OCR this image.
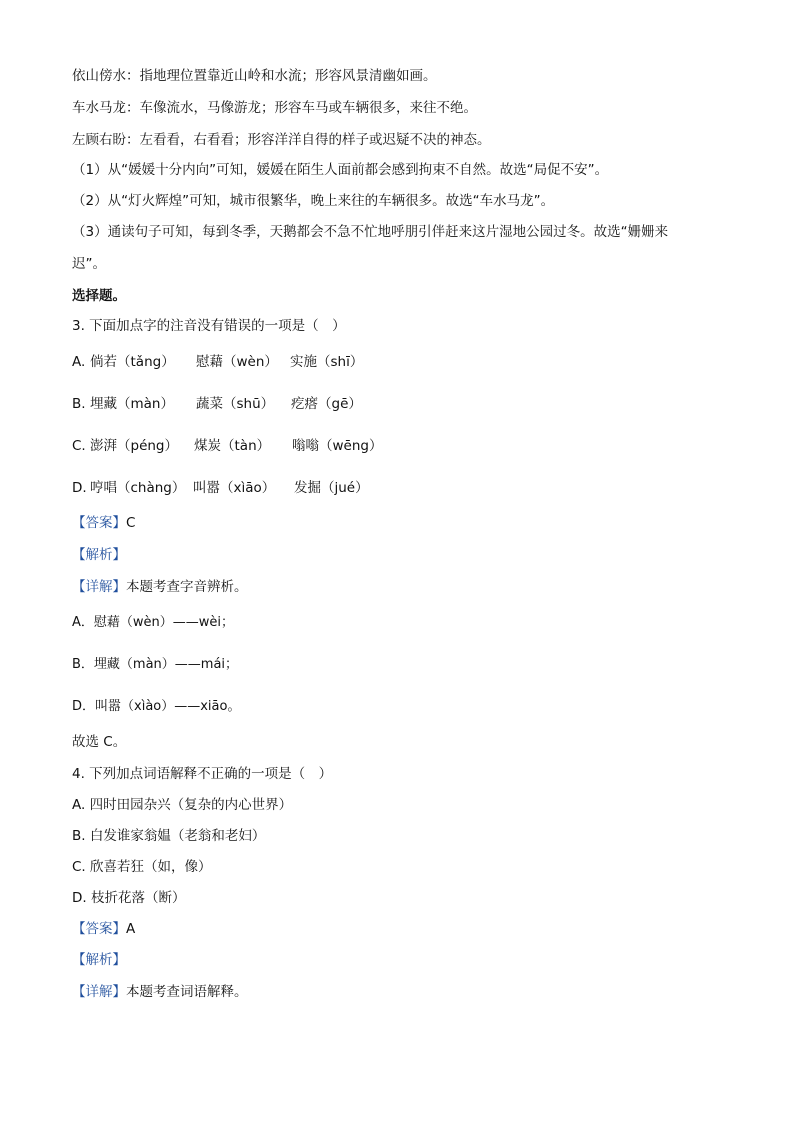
依山傍水：指地理位置靠近山岭和水流；形容风景清幽如画。
车水马龙：车像流水，马像游龙；形容车马或车辆很多，来往不绝。
左顾右盼：左看看，右看看；形容洋洋自得的样子或迟疑不决的神态。
（1）从“媛媛十分内向”可知，媛媛在陌生人面前都会感到拘束不自然。故选“局促不安”。
（2）从“灯火辉煌”可知，城市很繁华，晚上来往的车辆很多。故选“车水马龙”。
（3）通读句子可知，每到冬季，天鹅都会不急不忙地呼朋引伴赶来这片湿地公园过冬。故选“姗姗来
迟”。
选择题。
3. 下面加点字的注音没有错误的一项是（　）
A. 倘若（tǎng） 慰藉（wèn） 实施（shī）
B. 埋藏（màn） 蔬菜（shū） 疙瘩（gē）
C. 澎湃（péng） 煤炭（tàn） 嗡嗡（wēng）
D. 哼唱（chàng） 叫嚣（xìāo） 发掘（jué）
【答案】C
【解析】
【详解】本题考查字音辨析。
A．慰藉（wèn）——wèi；
B．埋藏（màn）——mái；
D．叫嚣（xìào）——xiāo。
故选 C。
4. 下列加点词语解释不正确的一项是（　）
A. 四时田园杂兴（复杂的内心世界）
B. 白发谁家翁媪（老翁和老妇）
C. 欣喜若狂（如，像）
D. 枝折花落（断）
【答案】A
【解析】
【详解】本题考查词语解释。
